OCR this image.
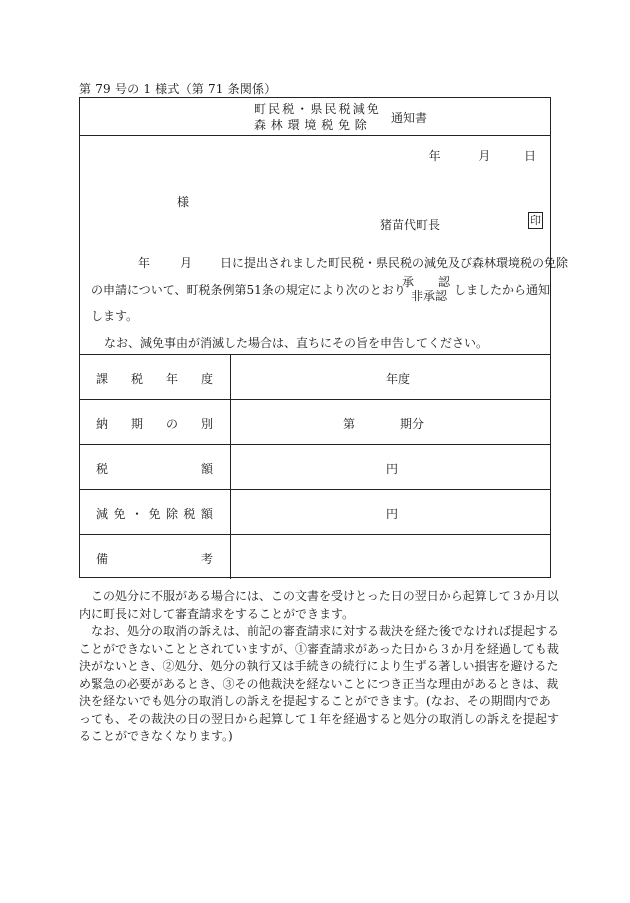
第 79 号の 1 様式（第 71 条関係）
町民税・県民税減免
森林環境税免除	通知書
年	月	日
様
猪苗代町長	印
年	月 日に提出されました町民税・県民税の減免及び森林環境税の免除
の申請について、町税条例第51条の規定により次のとおり
承　認
非承認 しましたから通知
します。
なお、減免事由が消滅した場合は、直ちにその旨を申告してください。
課 税 年 度	年度
納 期 の 別	第	期分
税	額	円
減 免 ・ 免 除 税 額	円
備	考

この処分に不服がある場合には、この文書を受けとった日の翌日から起算して３か月以内に町長に対して審査請求をすることができます。

なお、処分の取消の訴えは、前記の審査請求に対する裁決を経た後でなければ提起することができないこととされていますが、①審査請求があった日から３か月を経過しても裁決がないとき、②処分、処分の執行又は手続きの続行により生ずる著しい損害を避けるため緊急の必要があるとき、③その他裁決を経ないことにつき正当な理由があるときは、裁決を経ないでも処分の取消しの訴えを提起することができます。(なお、その期間内であっても、その裁決の日の翌日から起算して１年を経過すると処分の取消しの訴えを提起することができなくなります。)
